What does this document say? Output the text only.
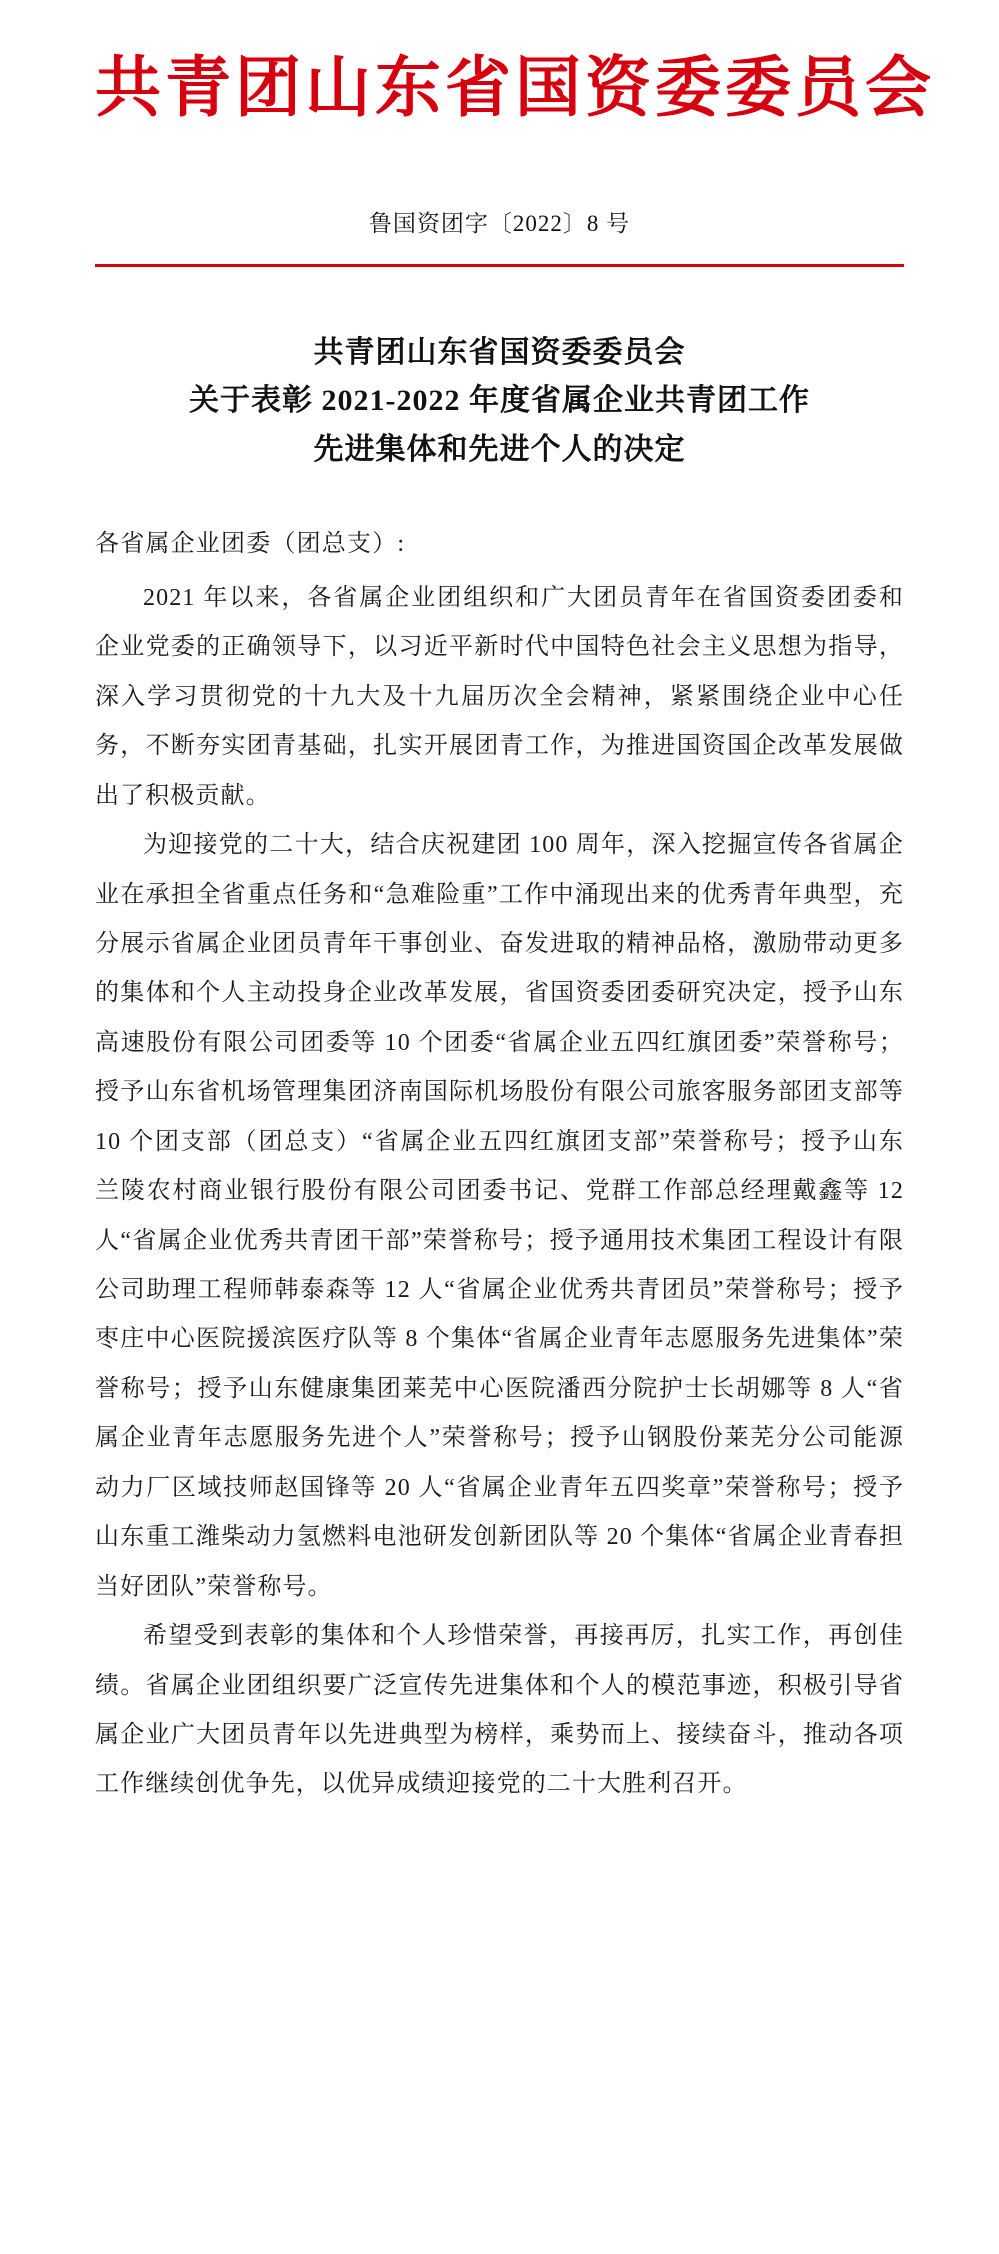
共青团山东省国资委委员会
鲁国资团字〔2022〕8 号
共青团山东省国资委委员会
关于表彰 2021-2022 年度省属企业共青团工作
先进集体和先进个人的决定
各省属企业团委（团总支）:

2021 年以来，各省属企业团组织和广大团员青年在省国资委团委和企业党委的正确领导下，以习近平新时代中国特色社会主义思想为指导，深入学习贯彻党的十九大及十九届历次全会精神，紧紧围绕企业中心任务，不断夯实团青基础，扎实开展团青工作，为推进国资国企改革发展做出了积极贡献。

为迎接党的二十大，结合庆祝建团 100 周年，深入挖掘宣传各省属企业在承担全省重点任务和“急难险重”工作中涌现出来的优秀青年典型，充分展示省属企业团员青年干事创业、奋发进取的精神品格，激励带动更多的集体和个人主动投身企业改革发展，省国资委团委研究决定，授予山东高速股份有限公司团委等 10 个团委“省属企业五四红旗团委”荣誉称号；授予山东省机场管理集团济南国际机场股份有限公司旅客服务部团支部等 10 个团支部（团总支）“省属企业五四红旗团支部”荣誉称号；授予山东兰陵农村商业银行股份有限公司团委书记、党群工作部总经理戴鑫等 12 人“省属企业优秀共青团干部”荣誉称号；授予通用技术集团工程设计有限公司助理工程师韩泰森等 12 人“省属企业优秀共青团员”荣誉称号；授予枣庄中心医院援滨医疗队等 8 个集体“省属企业青年志愿服务先进集体”荣誉称号；授予山东健康集团莱芜中心医院潘西分院护士长胡娜等 8 人“省属企业青年志愿服务先进个人”荣誉称号；授予山钢股份莱芜分公司能源动力厂区域技师赵国锋等 20 人“省属企业青年五四奖章”荣誉称号；授予山东重工潍柴动力氢燃料电池研发创新团队等 20 个集体“省属企业青春担当好团队”荣誉称号。

希望受到表彰的集体和个人珍惜荣誉，再接再厉，扎实工作，再创佳绩。省属企业团组织要广泛宣传先进集体和个人的模范事迹，积极引导省属企业广大团员青年以先进典型为榜样，乘势而上、接续奋斗，推动各项工作继续创优争先，以优异成绩迎接党的二十大胜利召开。
